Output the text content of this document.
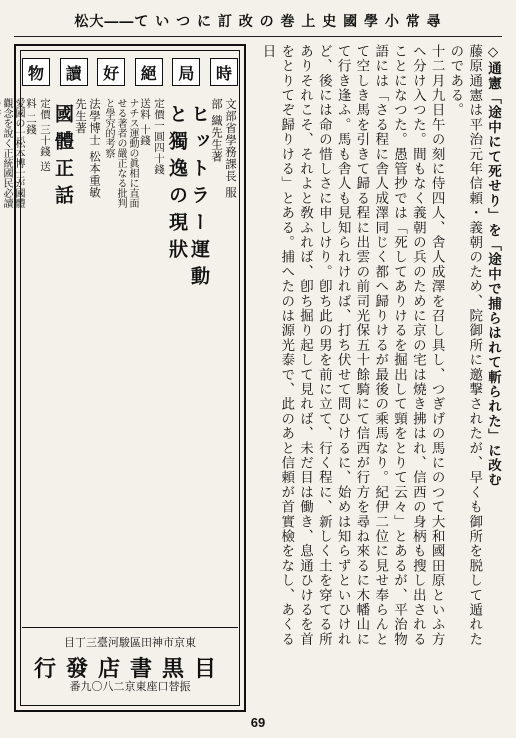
松大――て い つ に 訂 改 の 巻 上 史 國 學 小 常 尋

◇通憲「途中にて死せり」を「途中で捕らはれて斬られた」に改む

藤原通憲は平治元年信頼・義朝のため、院御所に邀撃されたが、早くも御所を脱して遁れたのである。

十二月九日午の刻に侍四人、舎人成澤を召し具し、つぎげの馬にのつて大和國田原といふ方へ分け入つた。間もなく義朝の兵のために京の宅は燒き拂はれ、信西の身柄も搜し出されることになつた。愚管抄では「死してありけるを掘出して頸をとりて云々」とあるが、平治物語には「さる程に舎人成澤同じく都へ歸りけるが最後の乘馬なり。紀伊二位に見せ奉らんとて空しき馬を引きて歸る程に出雲の前司光保五十餘騎にて信西が行方を尋ね來るに木幡山にて行き逢ふ。馬も舎人も見知られければ、打ち伏せて問ひけるに、始めは知らずといひけれど、後には命の惜しさに申しけり。卽ち此の男を前に立て、行く程に、新しく土を穿てる所ありそれこそ、それよと敎ふれば、卽ち掘り起して見れば、未だ目は働き、息通ひけるを首をとりてぞ歸りける」とある。捕へたのは源光泰で、此のあと信頼が首實檢をなし、あくる日

時
局
絕
好
讀
物
文部省學務課長 服部 織先生著
ヒットラー運動と獨逸の現狀
定價一圓四十錢 送料 十錢
ナチス運動の眞相に直面せる著者の嚴正なる批判と學究的考察
法學博士 松本重敏先生著
國體正話
定價 三十錢 送料 二錢
愛國の士松本博士が國體觀念を說く正統國民必讀
目丁三臺河駿區田神市京東
行發店書黒目
番九〇八二京東座口替振
69
